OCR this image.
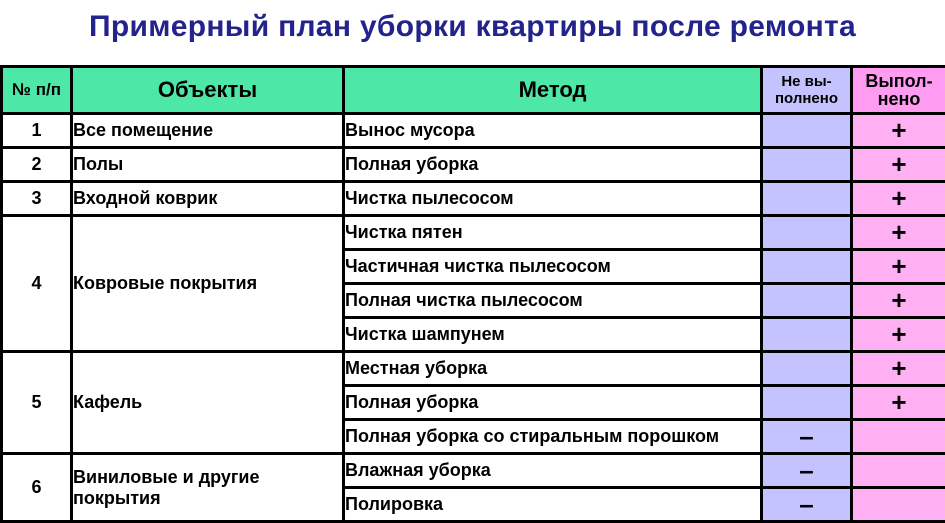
Примерный план уборки квартиры после ремонта
№ п/п	Объекты	Метод	Не вы- полнено	Выпол- нено
1	Все помещение	Вынос мусора		+
2	Полы	Полная уборка		+
3	Входной коврик	Чистка пылесосом		+
4	Ковровые покрытия	Чистка пятен		+
		Частичная чистка пылесосом		+
		Полная чистка пылесосом		+
		Чистка шампунем		+
5	Кафель	Местная уборка		+
		Полная уборка		+
		Полная уборка со стиральным порошком	–	
6	Виниловые и другие покрытия	Влажная уборка	–	
		Полировка	–	
